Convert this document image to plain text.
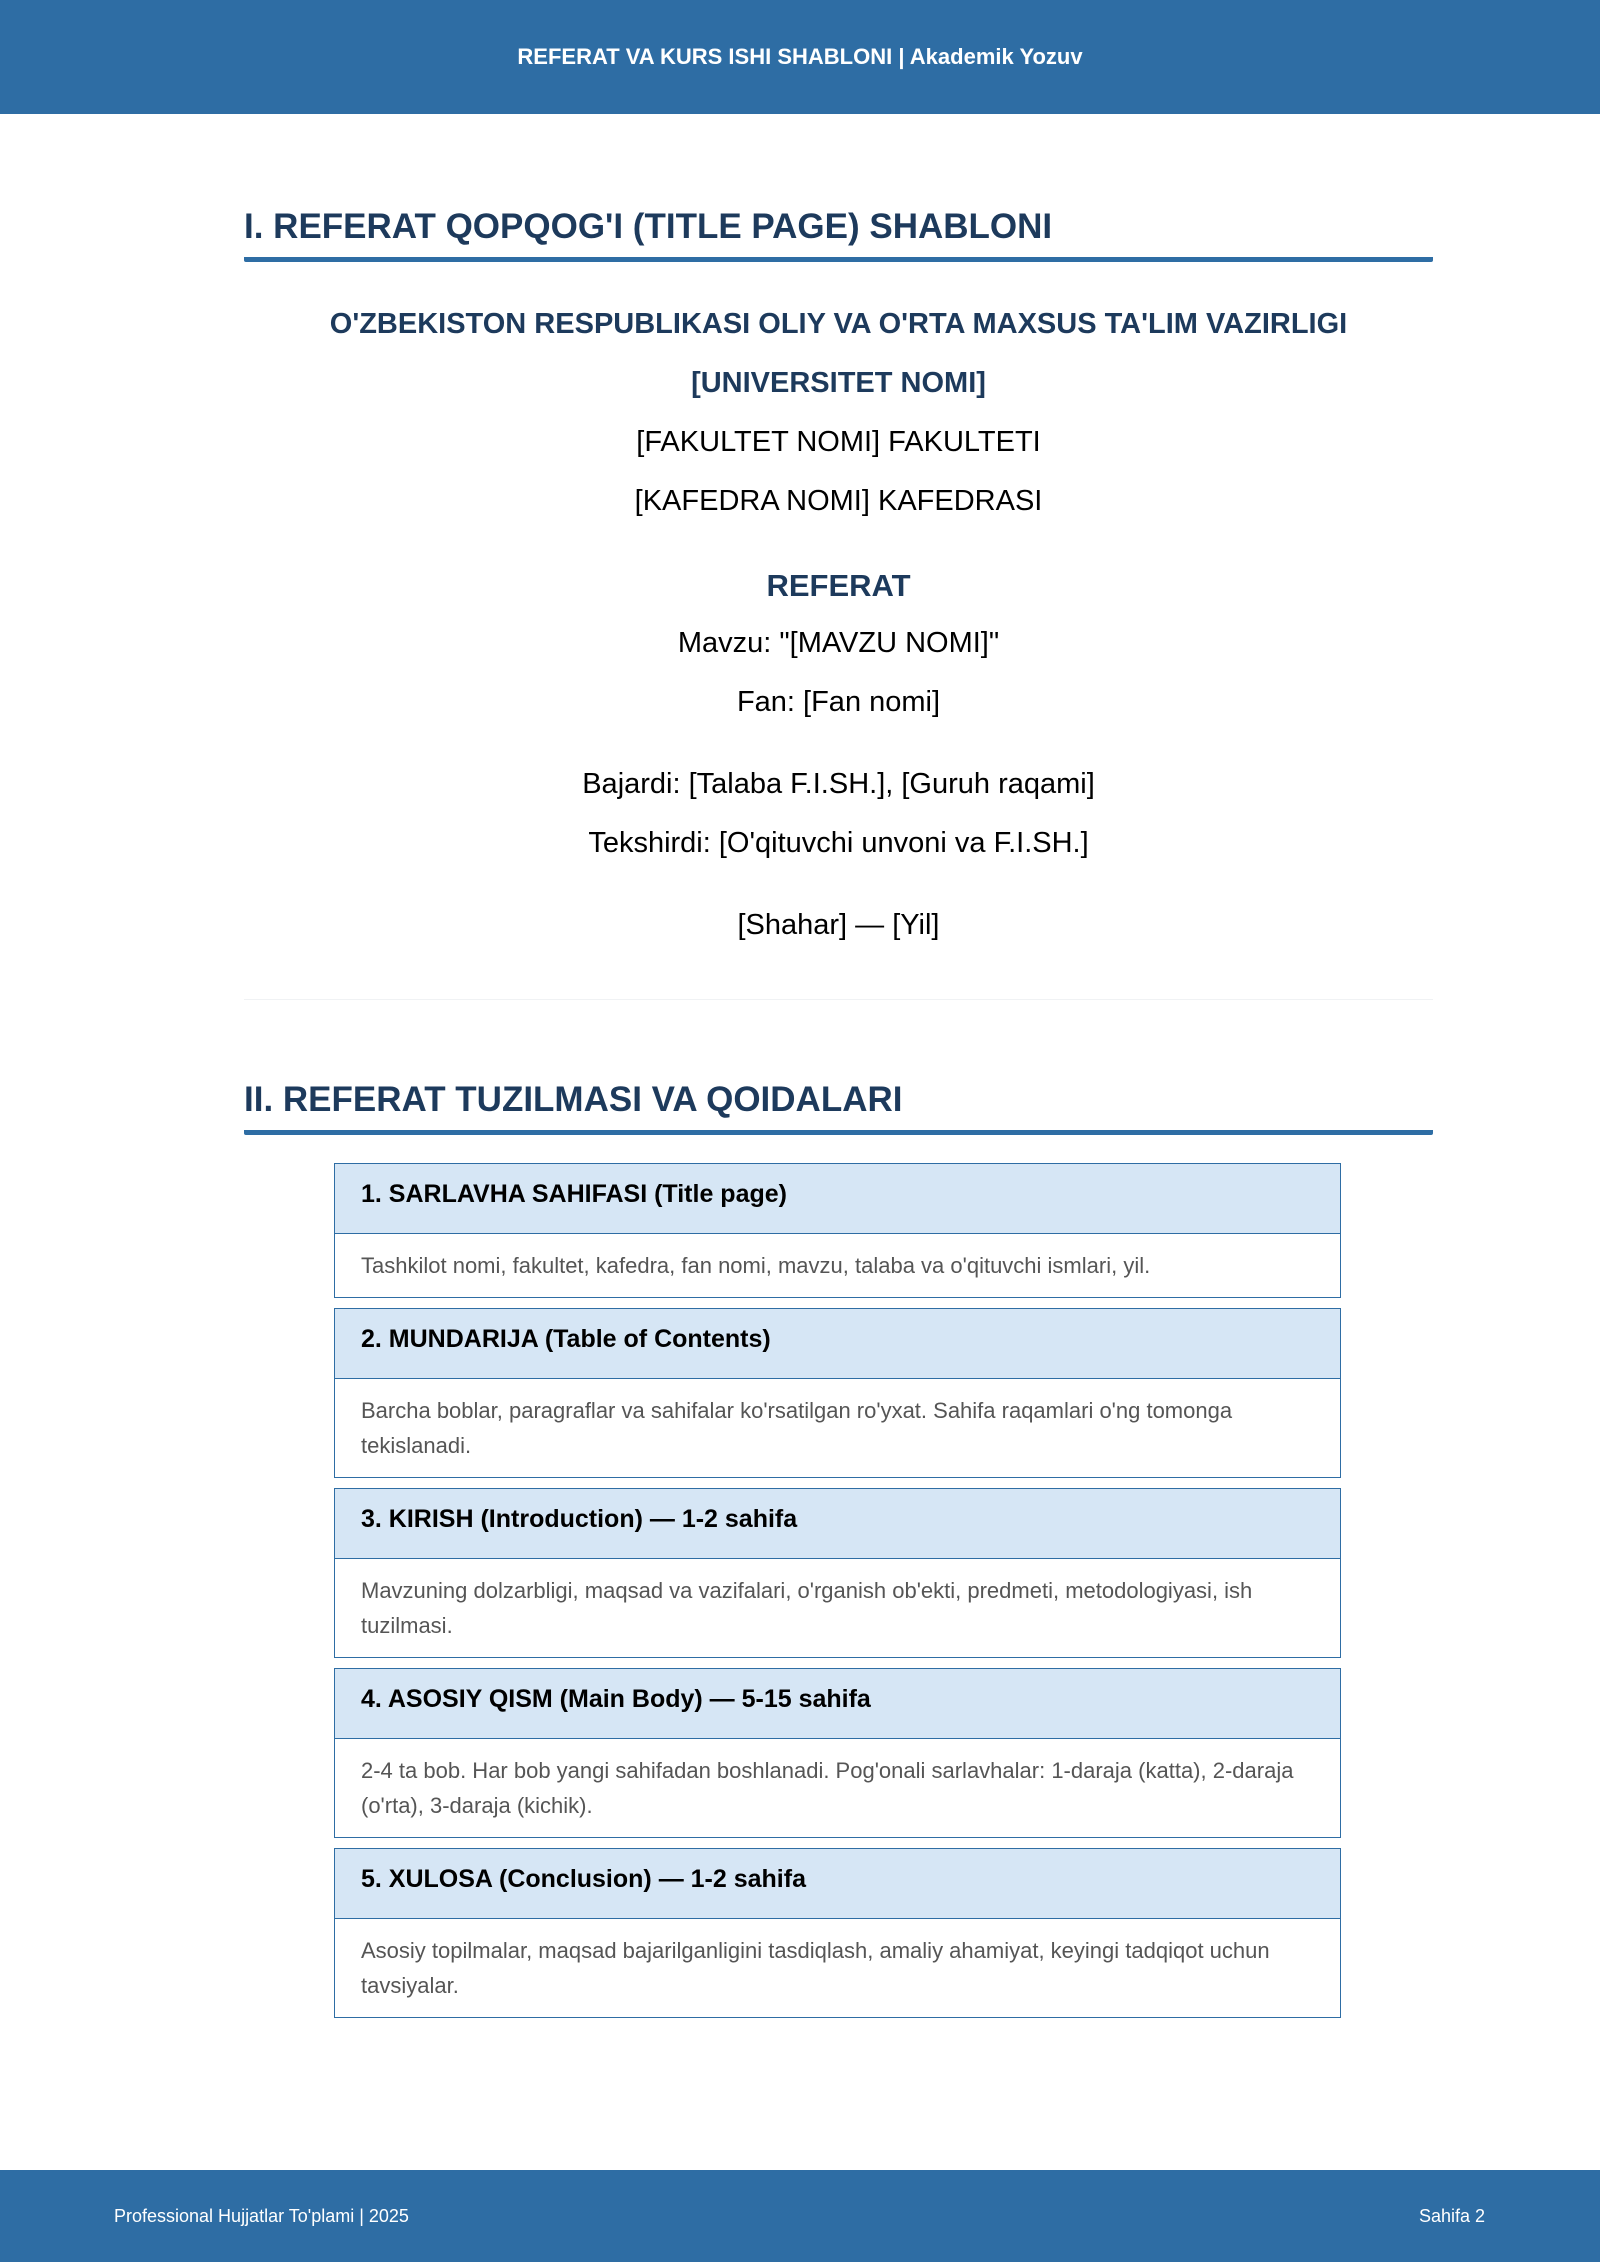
REFERAT VA KURS ISHI SHABLONI | Akademik Yozuv
I. REFERAT QOPQOG'I (TITLE PAGE) SHABLONI

O'ZBEKISTON RESPUBLIKASI OLIY VA O'RTA MAXSUS TA'LIM VAZIRLIGI

[UNIVERSITET NOMI]

[FAKULTET NOMI] FAKULTETI

[KAFEDRA NOMI] KAFEDRASI

REFERAT

Mavzu: "[MAVZU NOMI]"

Fan: [Fan nomi]

Bajardi: [Talaba F.I.SH.], [Guruh raqami]

Tekshirdi: [O'qituvchi unvoni va F.I.SH.]

[Shahar] — [Yil]

II. REFERAT TUZILMASI VA QOIDALARI
1. SARLAVHA SAHIFASI (Title page)
Tashkilot nomi, fakultet, kafedra, fan nomi, mavzu, talaba va o'qituvchi ismlari, yil.
2. MUNDARIJA (Table of Contents)
Barcha boblar, paragraflar va sahifalar ko'rsatilgan ro'yxat. Sahifa raqamlari o'ng tomonga tekislanadi.
3. KIRISH (Introduction) — 1-2 sahifa
Mavzuning dolzarbligi, maqsad va vazifalari, o'rganish ob'ekti, predmeti, metodologiyasi, ish tuzilmasi.
4. ASOSIY QISM (Main Body) — 5-15 sahifa
2-4 ta bob. Har bob yangi sahifadan boshlanadi. Pog'onali sarlavhalar: 1-daraja (katta), 2-daraja (o'rta), 3-daraja (kichik).
5. XULOSA (Conclusion) — 1-2 sahifa
Asosiy topilmalar, maqsad bajarilganligini tasdiqlash, amaliy ahamiyat, keyingi tadqiqot uchun tavsiyalar.
Professional Hujjatlar To'plami | 2025	Sahifa 2
